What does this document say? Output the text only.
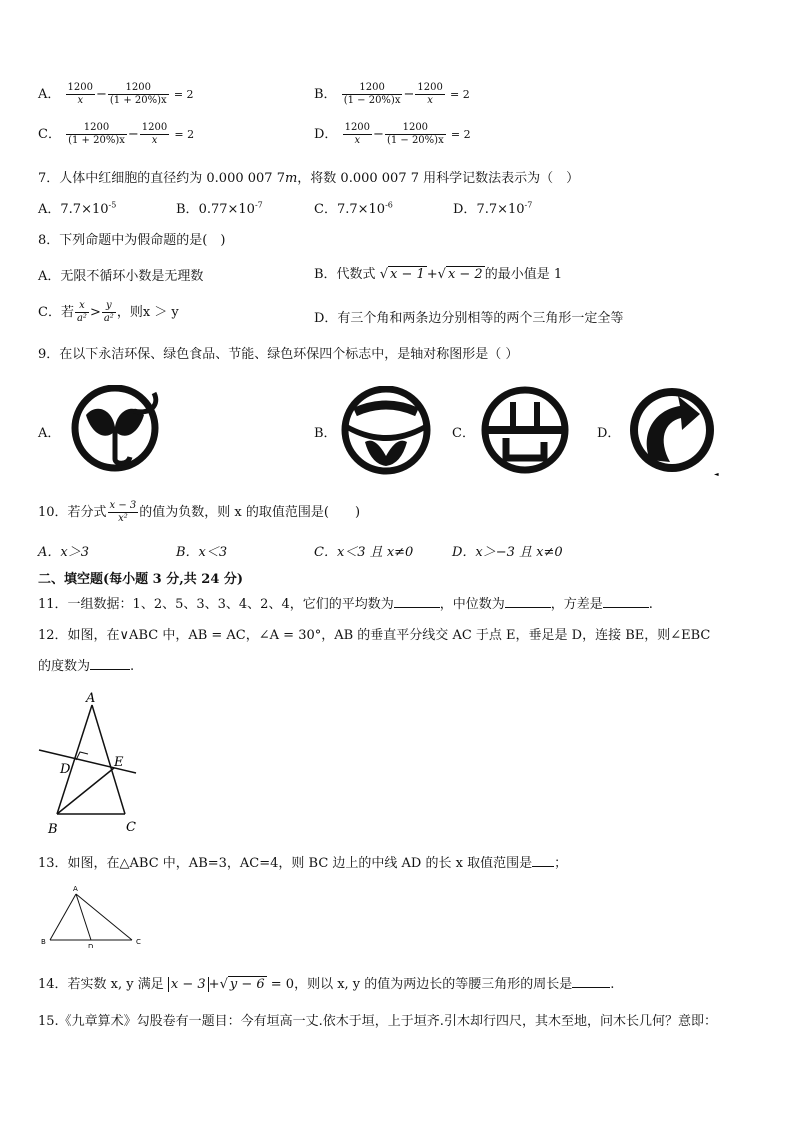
A． $\frac{1200}{x} - \frac{1200}{(1 + 20\%)x} = 2$	B． $\frac{1200}{(1 - 20\%)x} - \frac{1200}{x} = 2$
C． $\frac{1200}{(1 + 20\%)x} - \frac{1200}{x} = 2$	D． $\frac{1200}{x} - \frac{1200}{(1 - 20\%)x} = 2$
7．人体中红细胞的直径约为 0.000 007 7m，将数 0.000 007 7 用科学记数法表示为（　）
A．$7.7\times 10^{-5}$	B．$0.77\times 10^{-7}$	C．$7.7\times 10^{-6}$	D．$7.7\times 10^{-7}$
8．下列命题中为假命题的是(　)
A．无限不循环小数是无理数	B．代数式 √ x − 1 +√ x − 2 的最小值是 1
C．若 $\frac{x}{\text{a²}} > \frac{y}{\text{a²}}$ ，则x ＞ y	D．有三个角和两条边分别相等的两个三角形一定全等
9．在以下永洁环保、绿色食品、节能、绿色环保四个标志中，是轴对称图形是（ ）
A．	B．	C．	D．
◄
10．若分式 $\frac{x - 3}{\text{x²}}$ 的值为负数，则 x 的取值范围是(　　)
A．x＞3	B．x＜3	C．x＜3 且 x≠0	D．x＞−3 且 x≠0
二、填空题(每小题 3 分,共 24 分)
11．一组数据：1、2、5、3、3、4、2、4，它们的平均数为	，中位数为	，方差是	.
12．如图，在∨ABC 中，AB = AC，∠A = 30°，AB 的垂直平分线交 AC 于点 E，垂足是 D，连接 BE，则∠EBC
的度数为	.
A
D	E
B	C
13．如图，在△ABC 中，AB=3，AC=4，则 BC 边上的中线 AD 的长 x 取值范围是 ；
A
B
D
C
14．若实数 x, y 满足 x − 3 +√ y − 6 = 0，则以 x, y 的值为两边长的等腰三角形的周长是	.
15.《九章算术》勾股卷有一题目：今有垣高一丈.依木于垣，上于垣齐.引木却行四尺，其木至地，问木长几何？意即：
